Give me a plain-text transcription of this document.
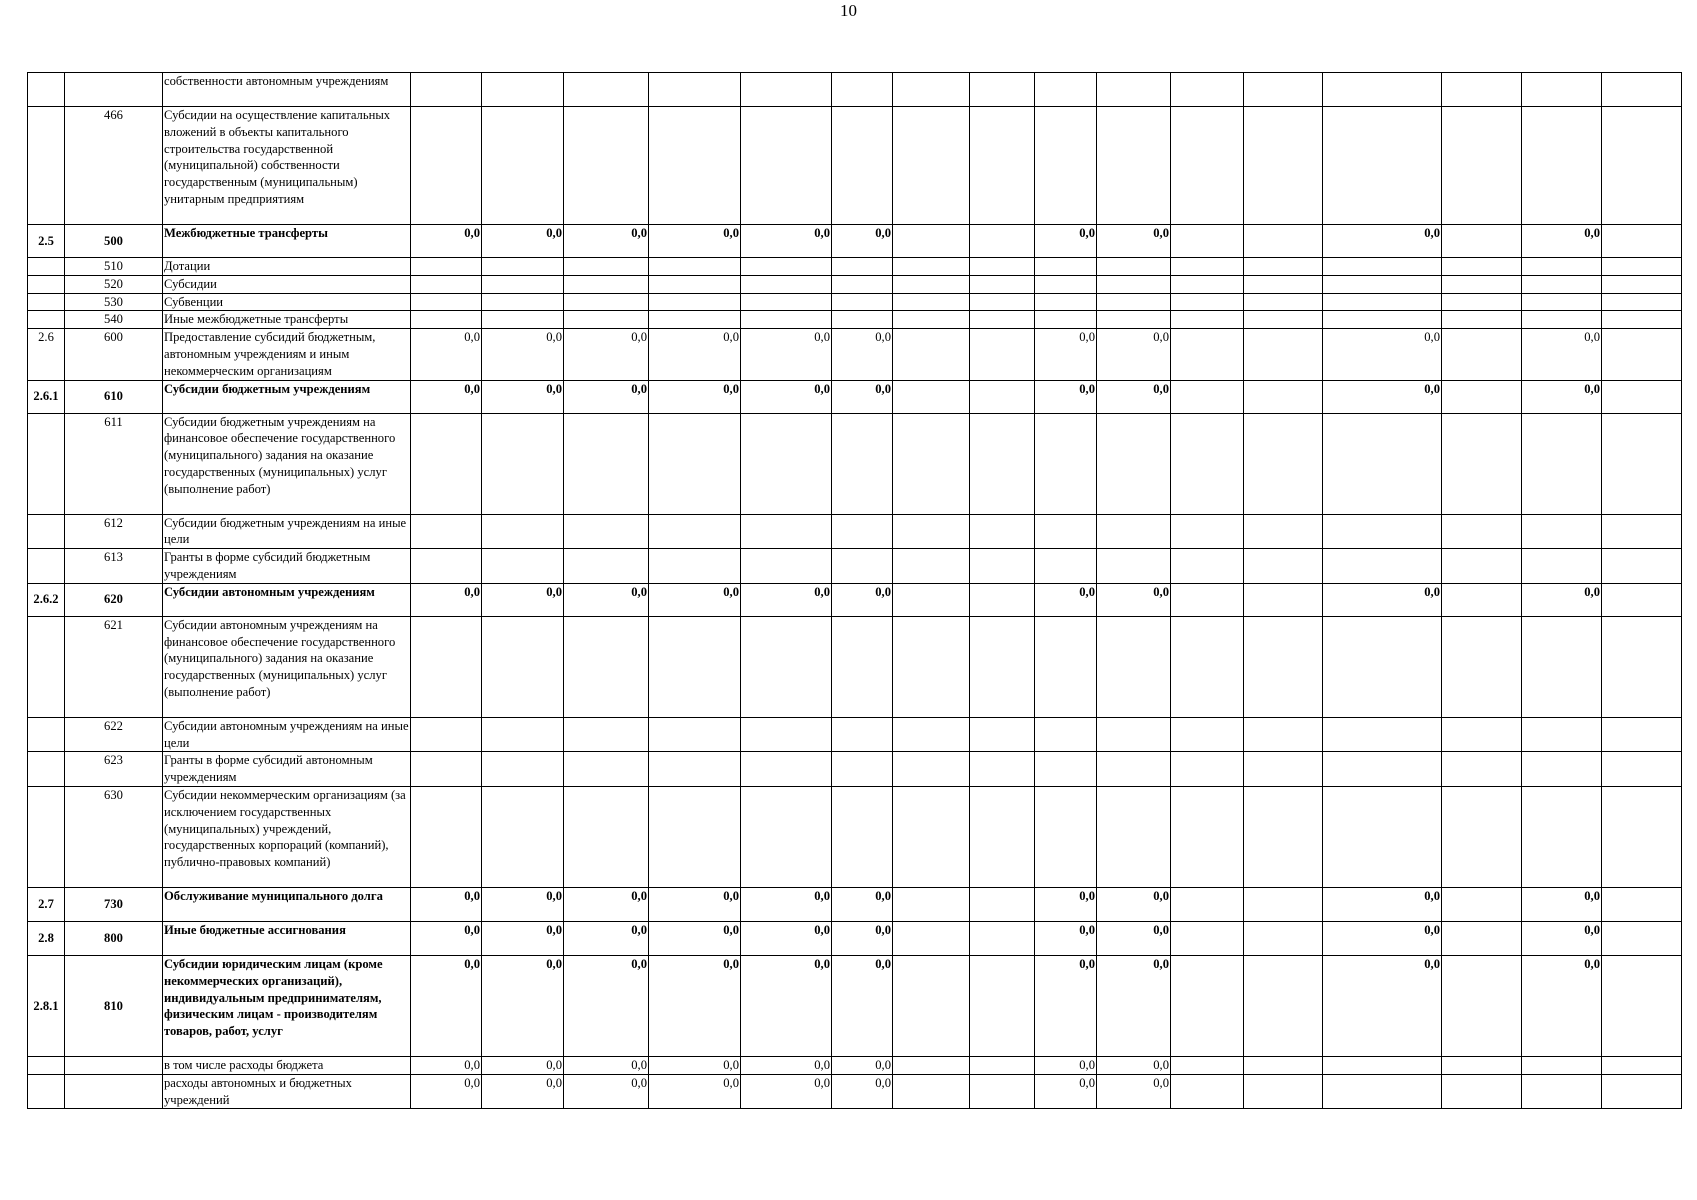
10
		собственности автономным учреждениям																
	466	Субсидии на осуществление капитальных вложений в объекты капитального строительства государственной (муниципальной) собственности государственным (муниципальным) унитарным предприятиям																
2.5	500	Межбюджетные трансферты	0,0	0,0	0,0	0,0	0,0	0,0			0,0	0,0			0,0		0,0	
	510	Дотации																
	520	Субсидии																
	530	Субвенции																
	540	Иные межбюджетные трансферты																
2.6	600	Предоставление субсидий бюджетным, автономным учреждениям и иным некоммерческим организациям	0,0	0,0	0,0	0,0	0,0	0,0			0,0	0,0			0,0		0,0	
2.6.1	610	Субсидии бюджетным учреждениям	0,0	0,0	0,0	0,0	0,0	0,0			0,0	0,0			0,0		0,0	
	611	Субсидии бюджетным учреждениям на финансовое обеспечение государственного (муниципального) задания на оказание государственных (муниципальных) услуг (выполнение работ)																
	612	Субсидии бюджетным учреждениям на иные цели																
	613	Гранты в форме субсидий бюджетным учреждениям																
2.6.2	620	Субсидии автономным учреждениям	0,0	0,0	0,0	0,0	0,0	0,0			0,0	0,0			0,0		0,0	
	621	Субсидии автономным учреждениям на финансовое обеспечение государственного (муниципального) задания на оказание государственных (муниципальных) услуг (выполнение работ)																
	622	Субсидии автономным учреждениям на иные цели																
	623	Гранты в форме субсидий автономным учреждениям																
	630	Субсидии некоммерческим организациям (за исключением государственных (муниципальных) учреждений, государственных корпораций (компаний), публично-правовых компаний)																
2.7	730	Обслуживание муниципального долга	0,0	0,0	0,0	0,0	0,0	0,0			0,0	0,0			0,0		0,0	
2.8	800	Иные бюджетные ассигнования	0,0	0,0	0,0	0,0	0,0	0,0			0,0	0,0			0,0		0,0	
2.8.1	810	Субсидии юридическим лицам (кроме некоммерческих организаций), индивидуальным предпринимателям, физическим лицам - производителям товаров, работ, услуг	0,0	0,0	0,0	0,0	0,0	0,0			0,0	0,0			0,0		0,0	
		в том числе расходы бюджета	0,0	0,0	0,0	0,0	0,0	0,0			0,0	0,0						
		расходы автономных и бюджетных учреждений	0,0	0,0	0,0	0,0	0,0	0,0			0,0	0,0						
